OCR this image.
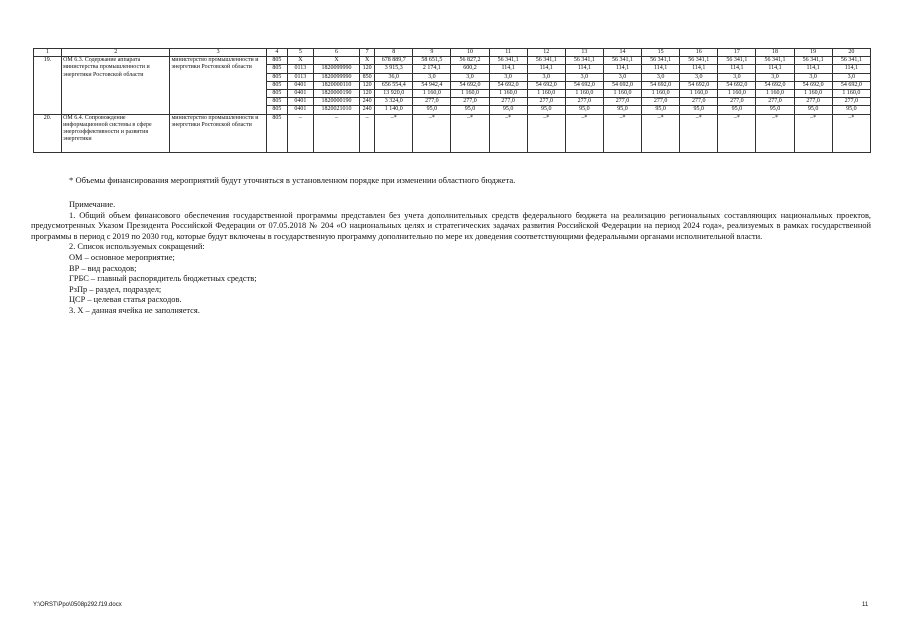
1	2	3	4	5	6	7	8	9	10	11	12	13	14	15	16	17	18	19	20
19.	ОМ 6.3. Содержание аппарата министерства промышленности и энергетики Ростовской области	министерство промышленности и энергетики Ростовской области	805	Х	Х	Х	678 889,7	58 651,5	56 827,2	56 341,1	56 341,1	56 341,1	56 341,1	56 341,1	56 341,1	56 341,1	56 341,1	56 341,1	56 341,1
			805	0113	1820099990	120	3 915,3	2 174,1	600,2	114,1	114,1	114,1	114,1	114,1	114,1	114,1	114,1	114,1	114,1
			805	0113	1820099990	850	36,0	3,0	3,0	3,0	3,0	3,0	3,0	3,0	3,0	3,0	3,0	3,0	3,0
			805	0401	1820000110	120	656 554,4	54 942,4	54 692,0	54 692,0	54 692,0	54 692,0	54 692,0	54 692,0	54 692,0	54 692,0	54 692,0	54 692,0	54 692,0
			805	0401	1820000190	120	13 920,0	1 160,0	1 160,0	1 160,0	1 160,0	1 160,0	1 160,0	1 160,0	1 160,0	1 160,0	1 160,0	1 160,0	1 160,0
			805	0401	1820000190	240	3 324,0	277,0	277,0	277,0	277,0	277,0	277,0	277,0	277,0	277,0	277,0	277,0	277,0
			805	0401	1820021010	240	1 140,0	95,0	95,0	95,0	95,0	95,0	95,0	95,0	95,0	95,0	95,0	95,0	95,0
20.	ОМ 6.4. Сопровождение информационной системы в сфере энергоэффективности и развития энергетики	министерство промышленности и энергетики Ростовской области	805	–	–	–	–*	–*	–*	–*	–*	–*	–*	–*	–*	–*	–*	–*	–*
* Объемы финансирования мероприятий будут уточняться в установленном порядке при изменении областного бюджета.

Примечание.

1. Общий объем финансового обеспечения государственной программы представлен без учета дополнительных средств федерального бюджета на реализацию региональных составляющих национальных проектов, предусмотренных Указом Президента Российской Федерации от 07.05.2018 № 204 «О национальных целях и стратегических задачах развития Российской Федерации на период 2024 года», реализуемых в рамках государственной программы в период с 2019 по 2030 год, которые будут включены в государственную программу дополнительно по мере их доведения соответствующими федеральными органами исполнительной власти.

2. Список используемых сокращений:

ОМ – основное мероприятие;

ВР – вид расходов;

ГРБС – главный распорядитель бюджетных средств;

РзПр – раздел, подраздел;

ЦСР – целевая статья расходов.

3. Х – данная ячейка не заполняется.

Y:\ORST\Ppo\0508p292.f19.docx	11
